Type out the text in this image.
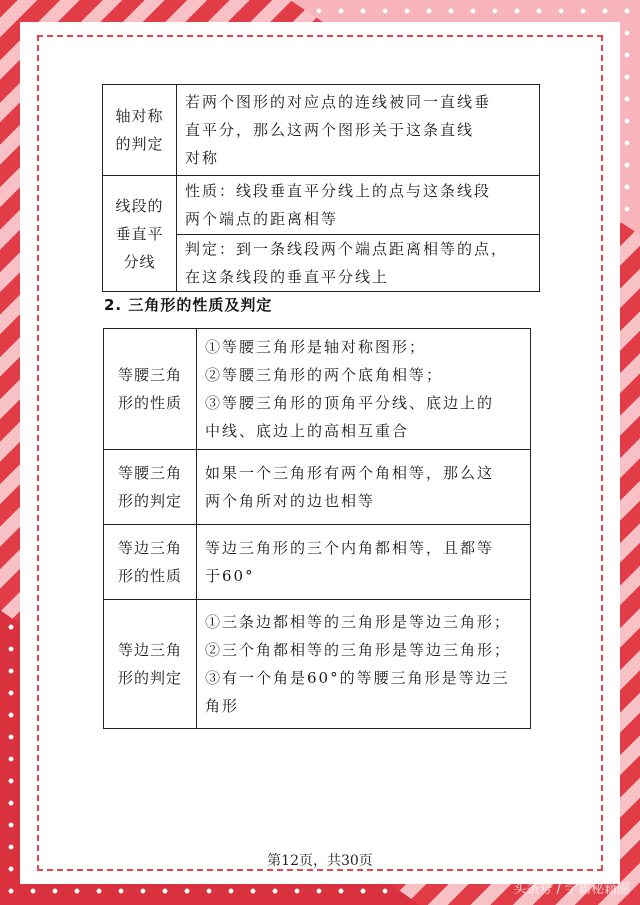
轴对称
的判定	若两个图形的对应点的连线被同一直线垂
直平分，那么这两个图形关于这条直线
对称

线段的
垂直平
分线	性质：线段垂直平分线上的点与这条线段
两个端点的距离相等

	判定：到一条线段两个端点距离相等的点，
在这条线段的垂直平分线上
2. 三角形的性质及判定
等腰三角
形的性质	①等腰三角形是轴对称图形；
②等腰三角形的两个底角相等；
③等腰三角形的顶角平分线、底边上的
中线、底边上的高相互重合

等腰三角
形的判定	如果一个三角形有两个角相等，那么这
两个角所对的边也相等

等边三角
形的性质	等边三角形的三个内角都相等，且都等
于60°

等边三角
形的判定	①三条边都相等的三角形是等边三角形；
②三个角都相等的三角形是等边三角形；
③有一个角是60°的等腰三角形是等边三
角形
第12页，共30页
头条号 / 学霸秘籍圈
